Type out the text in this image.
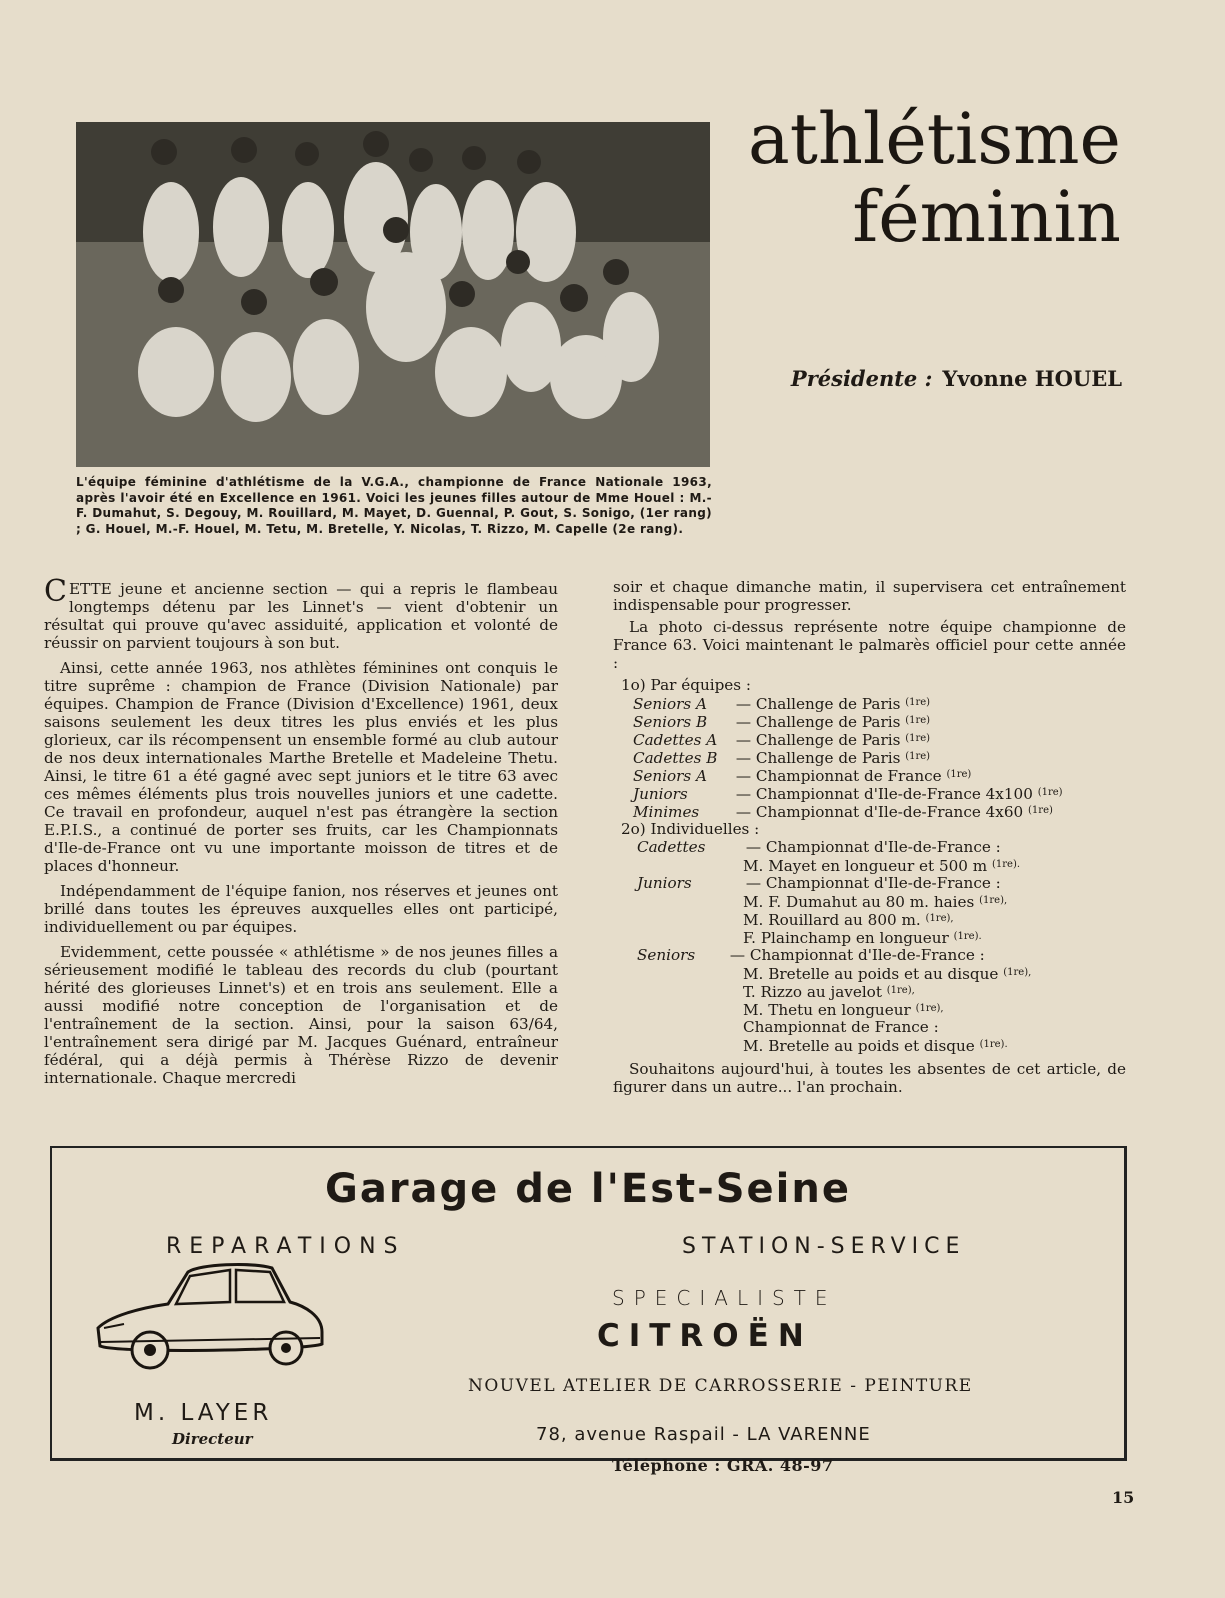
L'équipe féminine d'athlétisme de la V.G.A., championne de France Nationale 1963, après l'avoir été en Excellence en 1961. Voici les jeunes filles autour de Mme Houel : M.-F. Dumahut, S. Degouy, M. Rouillard, M. Mayet, D. Guennal, P. Gout, S. Sonigo, (1er rang) ; G. Houel, M.-F. Houel, M. Tetu, M. Bretelle, Y. Nicolas, T. Rizzo, M. Capelle (2e rang).

athlétisme
féminin
Présidente : Yvonne HOUEL

CETTE jeune et ancienne section — qui a repris le flambeau longtemps détenu par les Linnet's — vient d'obtenir un résultat qui prouve qu'avec assiduité, application et volonté de réussir on parvient toujours à son but.

Ainsi, cette année 1963, nos athlètes féminines ont conquis le titre suprême : champion de France (Division Nationale) par équipes. Champion de France (Division d'Excellence) 1961, deux saisons seulement les deux titres les plus enviés et les plus glorieux, car ils récompensent un ensemble formé au club autour de nos deux internationales Marthe Bretelle et Madeleine Thetu. Ainsi, le titre 61 a été gagné avec sept juniors et le titre 63 avec ces mêmes éléments plus trois nouvelles juniors et une cadette. Ce travail en profondeur, auquel n'est pas étrangère la section E.P.I.S., a continué de porter ses fruits, car les Championnats d'Ile-de-France ont vu une importante moisson de titres et de places d'honneur.

Indépendamment de l'équipe fanion, nos réserves et jeunes ont brillé dans toutes les épreuves auxquelles elles ont participé, individuellement ou par équipes.

Evidemment, cette poussée « athlétisme » de nos jeunes filles a sérieusement modifié le tableau des records du club (pourtant hérité des glorieuses Linnet's) et en trois ans seulement. Elle a aussi modifié notre conception de l'organisation et de l'entraînement de la section. Ainsi, pour la saison 63/64, l'entraînement sera dirigé par M. Jacques Guénard, entraîneur fédéral, qui a déjà permis à Thérèse Rizzo de devenir internationale. Chaque mercredi

soir et chaque dimanche matin, il supervisera cet entraînement indispensable pour progresser.

La photo ci-dessus représente notre équipe championne de France 63. Voici maintenant le palmarès officiel pour cette année :

1o) Par équipes :
Seniors A — Challenge de Paris $^{(1re)}$
Seniors B — Challenge de Paris $^{(1re)}$
Cadettes A — Challenge de Paris $^{(1re)}$
Cadettes B — Challenge de Paris $^{(1re)}$
Seniors A — Championnat de France $^{(1re)}$
Juniors	— Championnat d'Ile-de-France 4x100 $^{(1re)}$
Minimes — Championnat d'Ile-de-France 4x60 $^{(1re)}$
2o) Individuelles :
Cadettes	— Championnat d'Ile-de-France :
M. Mayet en longueur et 500 m $^{(1re).}$
Juniors	— Championnat d'Ile-de-France :
M. F. Dumahut au 80 m. haies $^{(1re),}$
M. Rouillard au 800 m. $^{(1re),}$
F. Plainchamp en longueur $^{(1re).}$
Seniors — Championnat d'Ile-de-France :
M. Bretelle au poids et au disque $^{(1re),}$
T. Rizzo au javelot $^{(1re),}$
M. Thetu en longueur $^{(1re),}$
Championnat de France :
M. Bretelle au poids et disque $^{(1re).}$

Souhaitons aujourd'hui, à toutes les absentes de cet article, de figurer dans un autre... l'an prochain.

Garage de l'Est-Seine
REPARATIONS	STATION-SERVICE
SPECIALISTE
CITROËN
NOUVEL ATELIER DE CARROSSERIE - PEINTURE
78, avenue Raspail - LA VARENNE
Téléphone : GRA. 48-97
M. LAYER
Directeur
15
